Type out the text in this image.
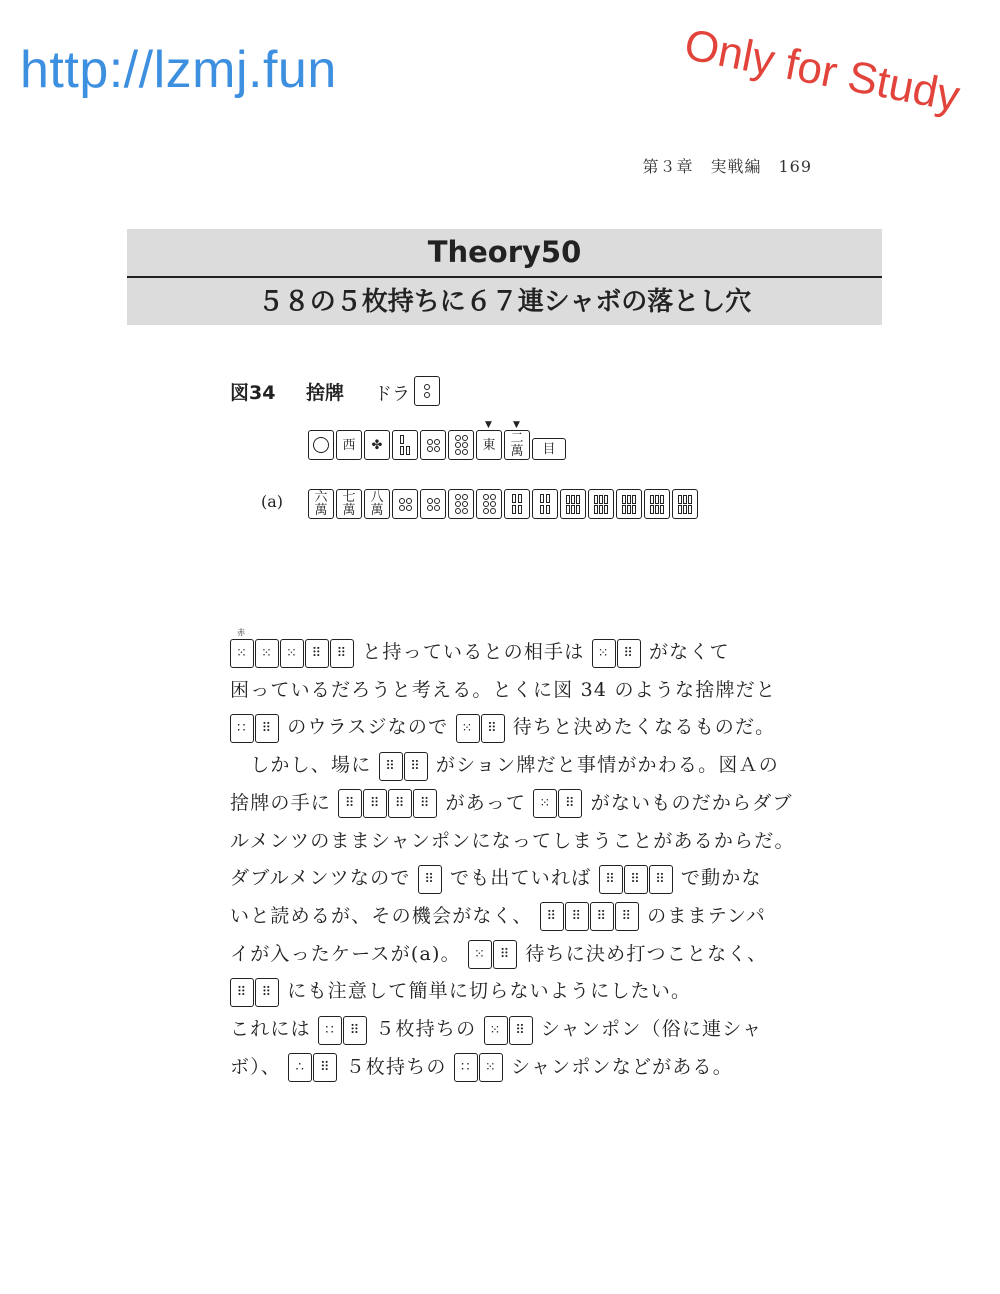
http://lzmj.fun	Only for Study
第３章　実戦編　169
Theory50
５８の５枚持ちに６７連シャボの落とし穴
図34 捨牌 ドラ
西	✤
▼
東
▼
二
萬	目
(a)	六
萬
七
萬
八
萬

赤
⁙ ⁙ ⁙	⠿	⠿ と持っているとの相手は	⁙	⠿ がなくて

困っているだろうと考える。とくに図 34 のような捨牌だと

∷	⠿ のウラスジなので	⁙	⠿ 待ちと決めたくなるものだ。

　しかし、場に	⠿	⠿ がション牌だと事情がかわる。図Ａの

捨牌の手に	⠿	⠿	⠿	⠿ があって	⁙	⠿ がないものだからダブ

ルメンツのままシャンポンになってしまうことがあるからだ。

ダブルメンツなので	⠿ でも出ていれば	⠿	⠿	⠿ で動かな

いと読めるが、その機会がなく、	⠿	⠿	⠿	⠿ のままテンパ

イが入ったケースが(a)。	⁙	⠿ 待ちに決め打つことなく、

⠿	⠿ にも注意して簡単に切らないようにしたい。

これには	∷	⠿ ５枚持ちの	⁙	⠿ シャンポン（俗に連シャ

ボ）、	∴	⠿ ５枚持ちの	∷	⁙ シャンポンなどがある。
